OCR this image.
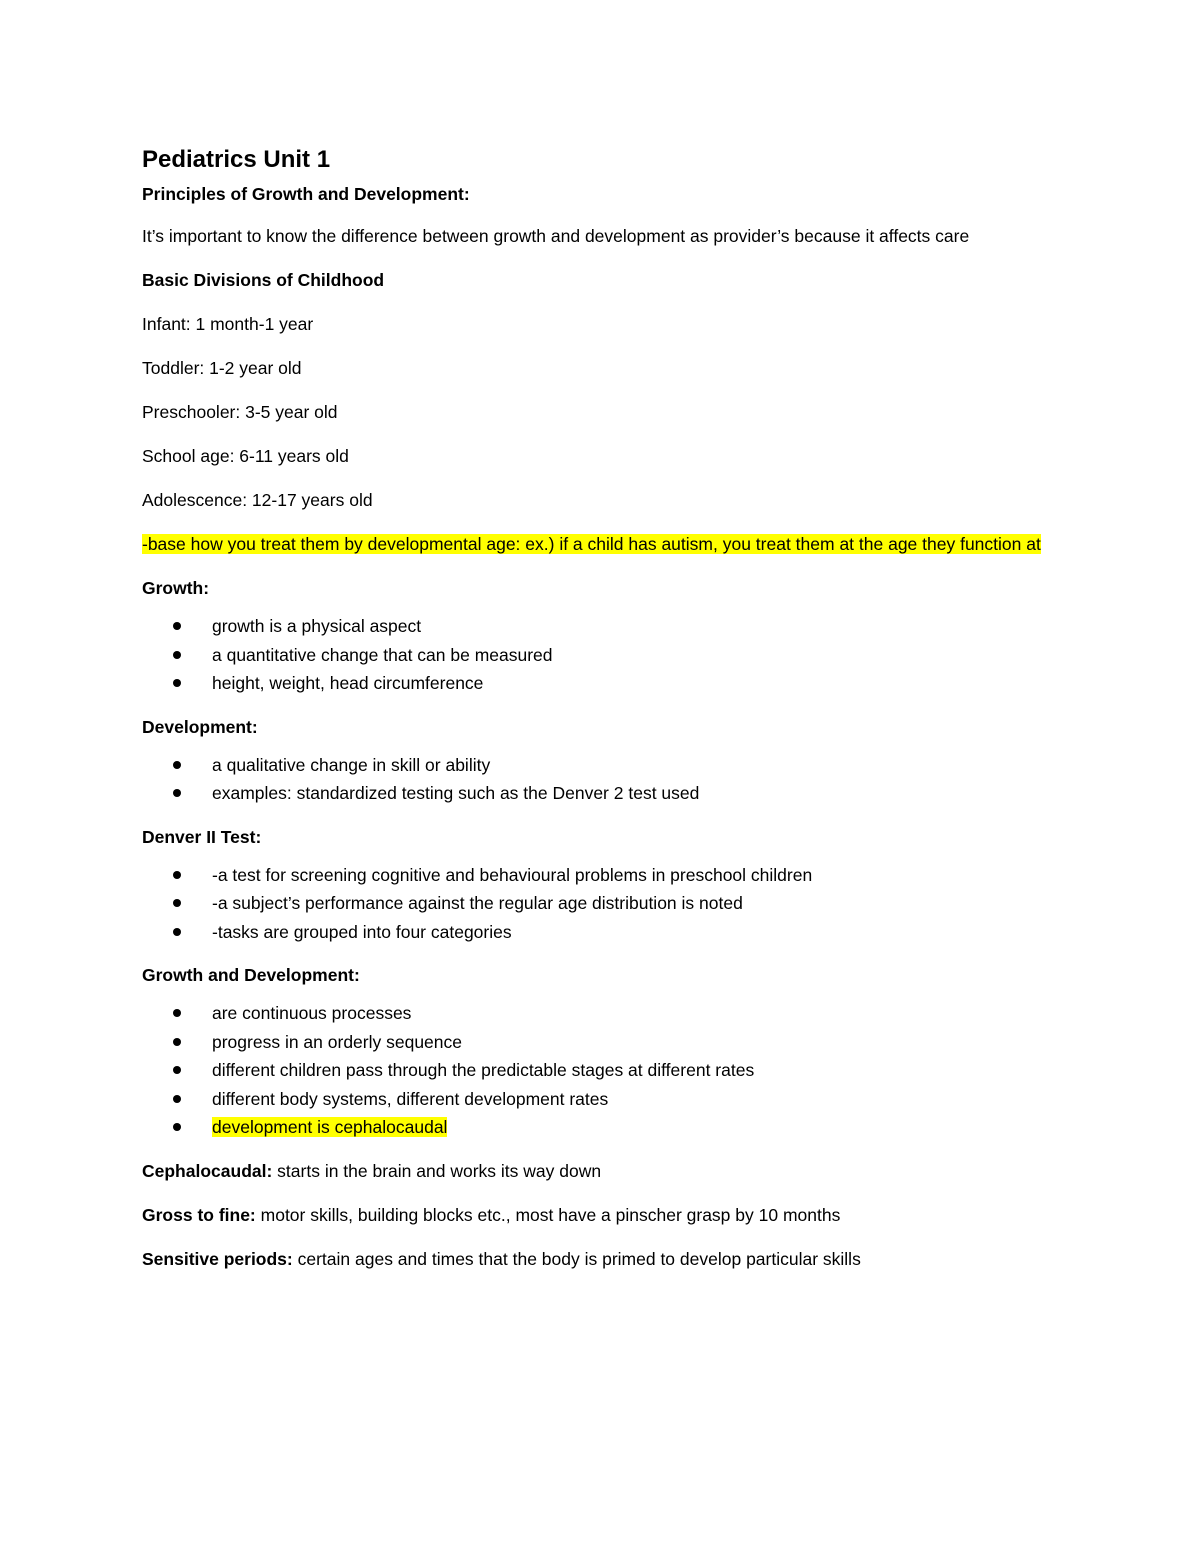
Pediatrics Unit 1

Principles of Growth and Development:

It’s important to know the difference between growth and development as provider’s because it affects care

Basic Divisions of Childhood

Infant: 1 month-1 year

Toddler: 1-2 year old

Preschooler: 3-5 year old

School age: 6-11 years old

Adolescence: 12-17 years old

-base how you treat them by developmental age: ex.) if a child has autism, you treat them at the age they function at

Growth:

growth is a physical aspect
a quantitative change that can be measured
height, weight, head circumference

Development:

a qualitative change in skill or ability
examples: standardized testing such as the Denver 2 test used

Denver II Test:

-a test for screening cognitive and behavioural problems in preschool children
-a subject’s performance against the regular age distribution is noted
-tasks are grouped into four categories

Growth and Development:

are continuous processes
progress in an orderly sequence
different children pass through the predictable stages at different rates
different body systems, different development rates
development is cephalocaudal

Cephalocaudal: starts in the brain and works its way down

Gross to fine: motor skills, building blocks etc., most have a pinscher grasp by 10 months

Sensitive periods: certain ages and times that the body is primed to develop particular skills
